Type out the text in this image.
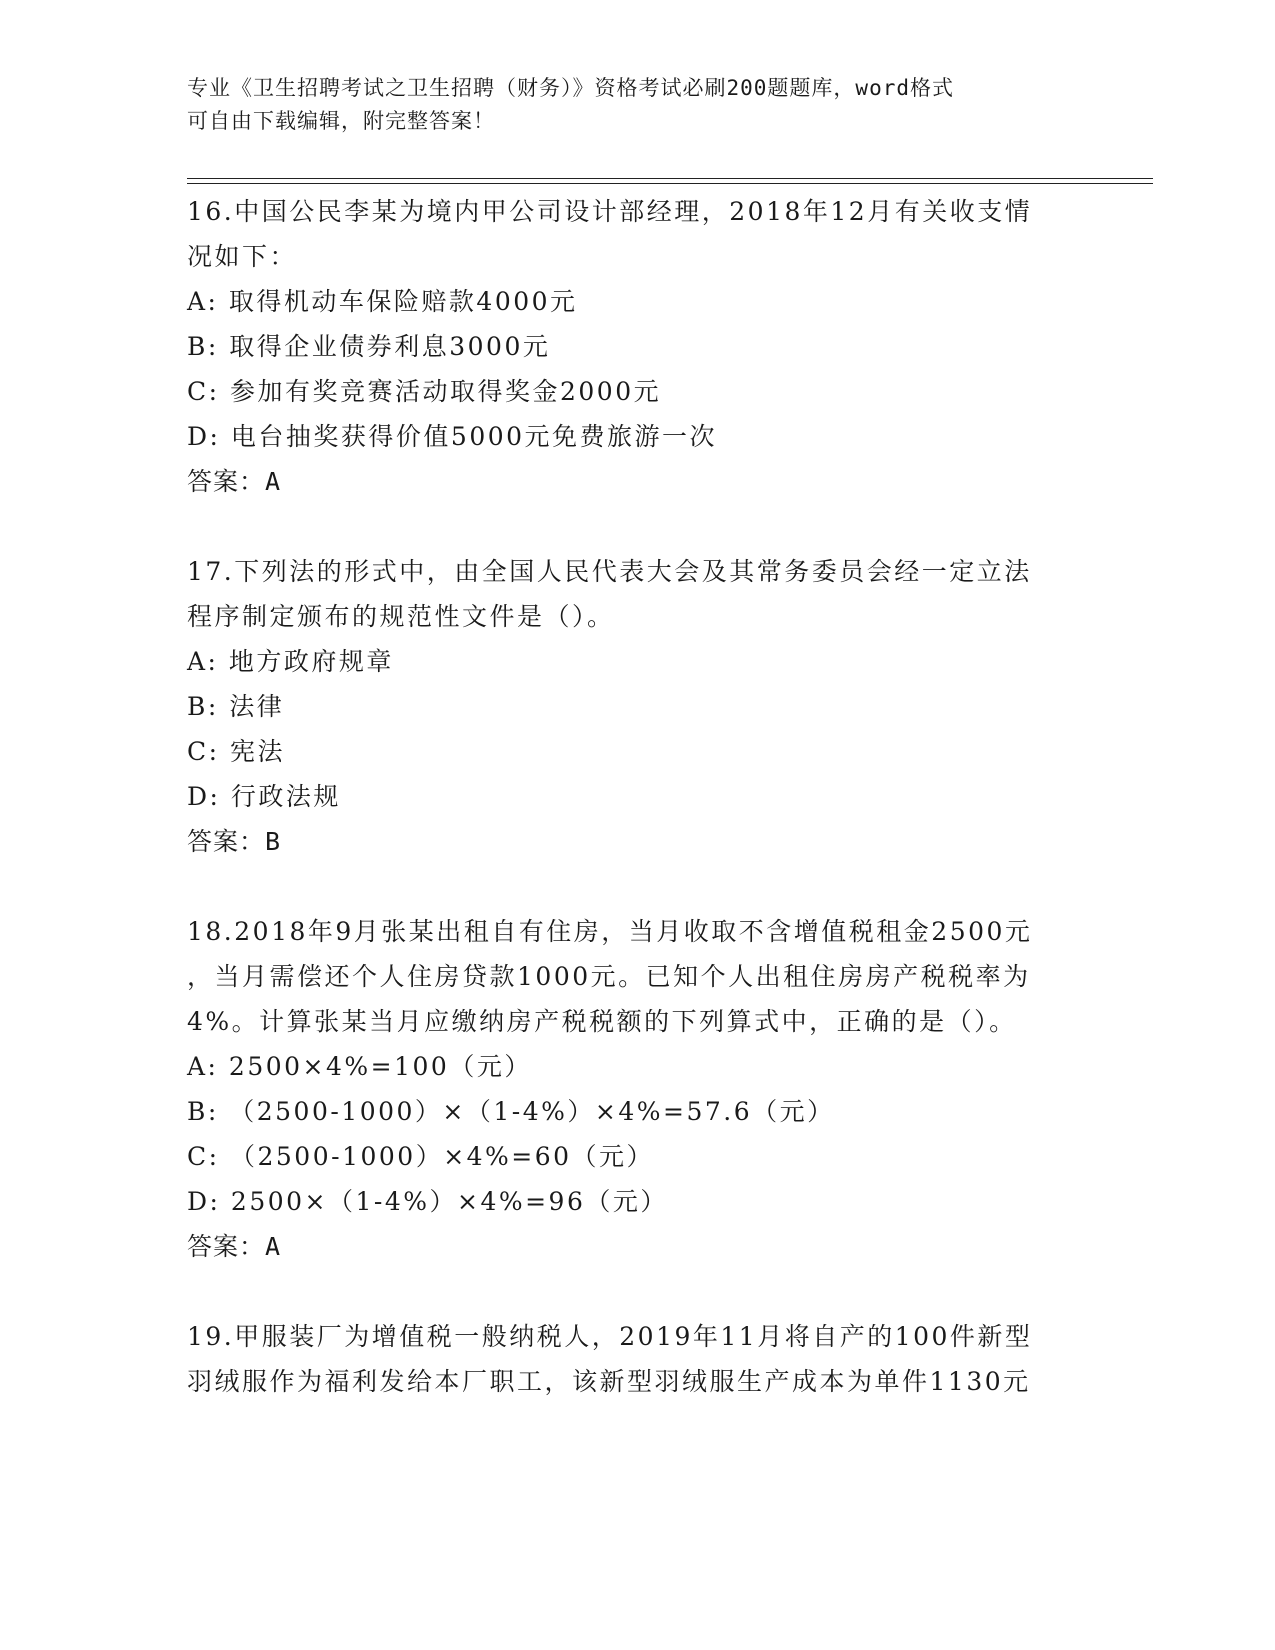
专业《卫生招聘考试之卫生招聘（财务）》资格考试必刷200题题库，word格式
可自由下载编辑，附完整答案！
16.中国公民李某为境内甲公司设计部经理，2018年12月有关收支情
况如下：
A: 取得机动车保险赔款4000元
B: 取得企业债券利息3000元
C: 参加有奖竞赛活动取得奖金2000元
D: 电台抽奖获得价值5000元免费旅游一次
答案：A
17.下列法的形式中，由全国人民代表大会及其常务委员会经一定立法
程序制定颁布的规范性文件是（）。
A: 地方政府规章
B: 法律
C: 宪法
D: 行政法规
答案：B
18.2018年9月张某出租自有住房，当月收取不含增值税租金2500元
，当月需偿还个人住房贷款1000元。已知个人出租住房房产税税率为
4%。计算张某当月应缴纳房产税税额的下列算式中，正确的是（）。
A: 2500×4%=100（元）
B: （2500-1000）×（1-4%）×4%=57.6（元）
C: （2500-1000）×4%=60（元）
D: 2500×（1-4%）×4%=96（元）
答案：A
19.甲服装厂为增值税一般纳税人，2019年11月将自产的100件新型
羽绒服作为福利发给本厂职工，该新型羽绒服生产成本为单件1130元
